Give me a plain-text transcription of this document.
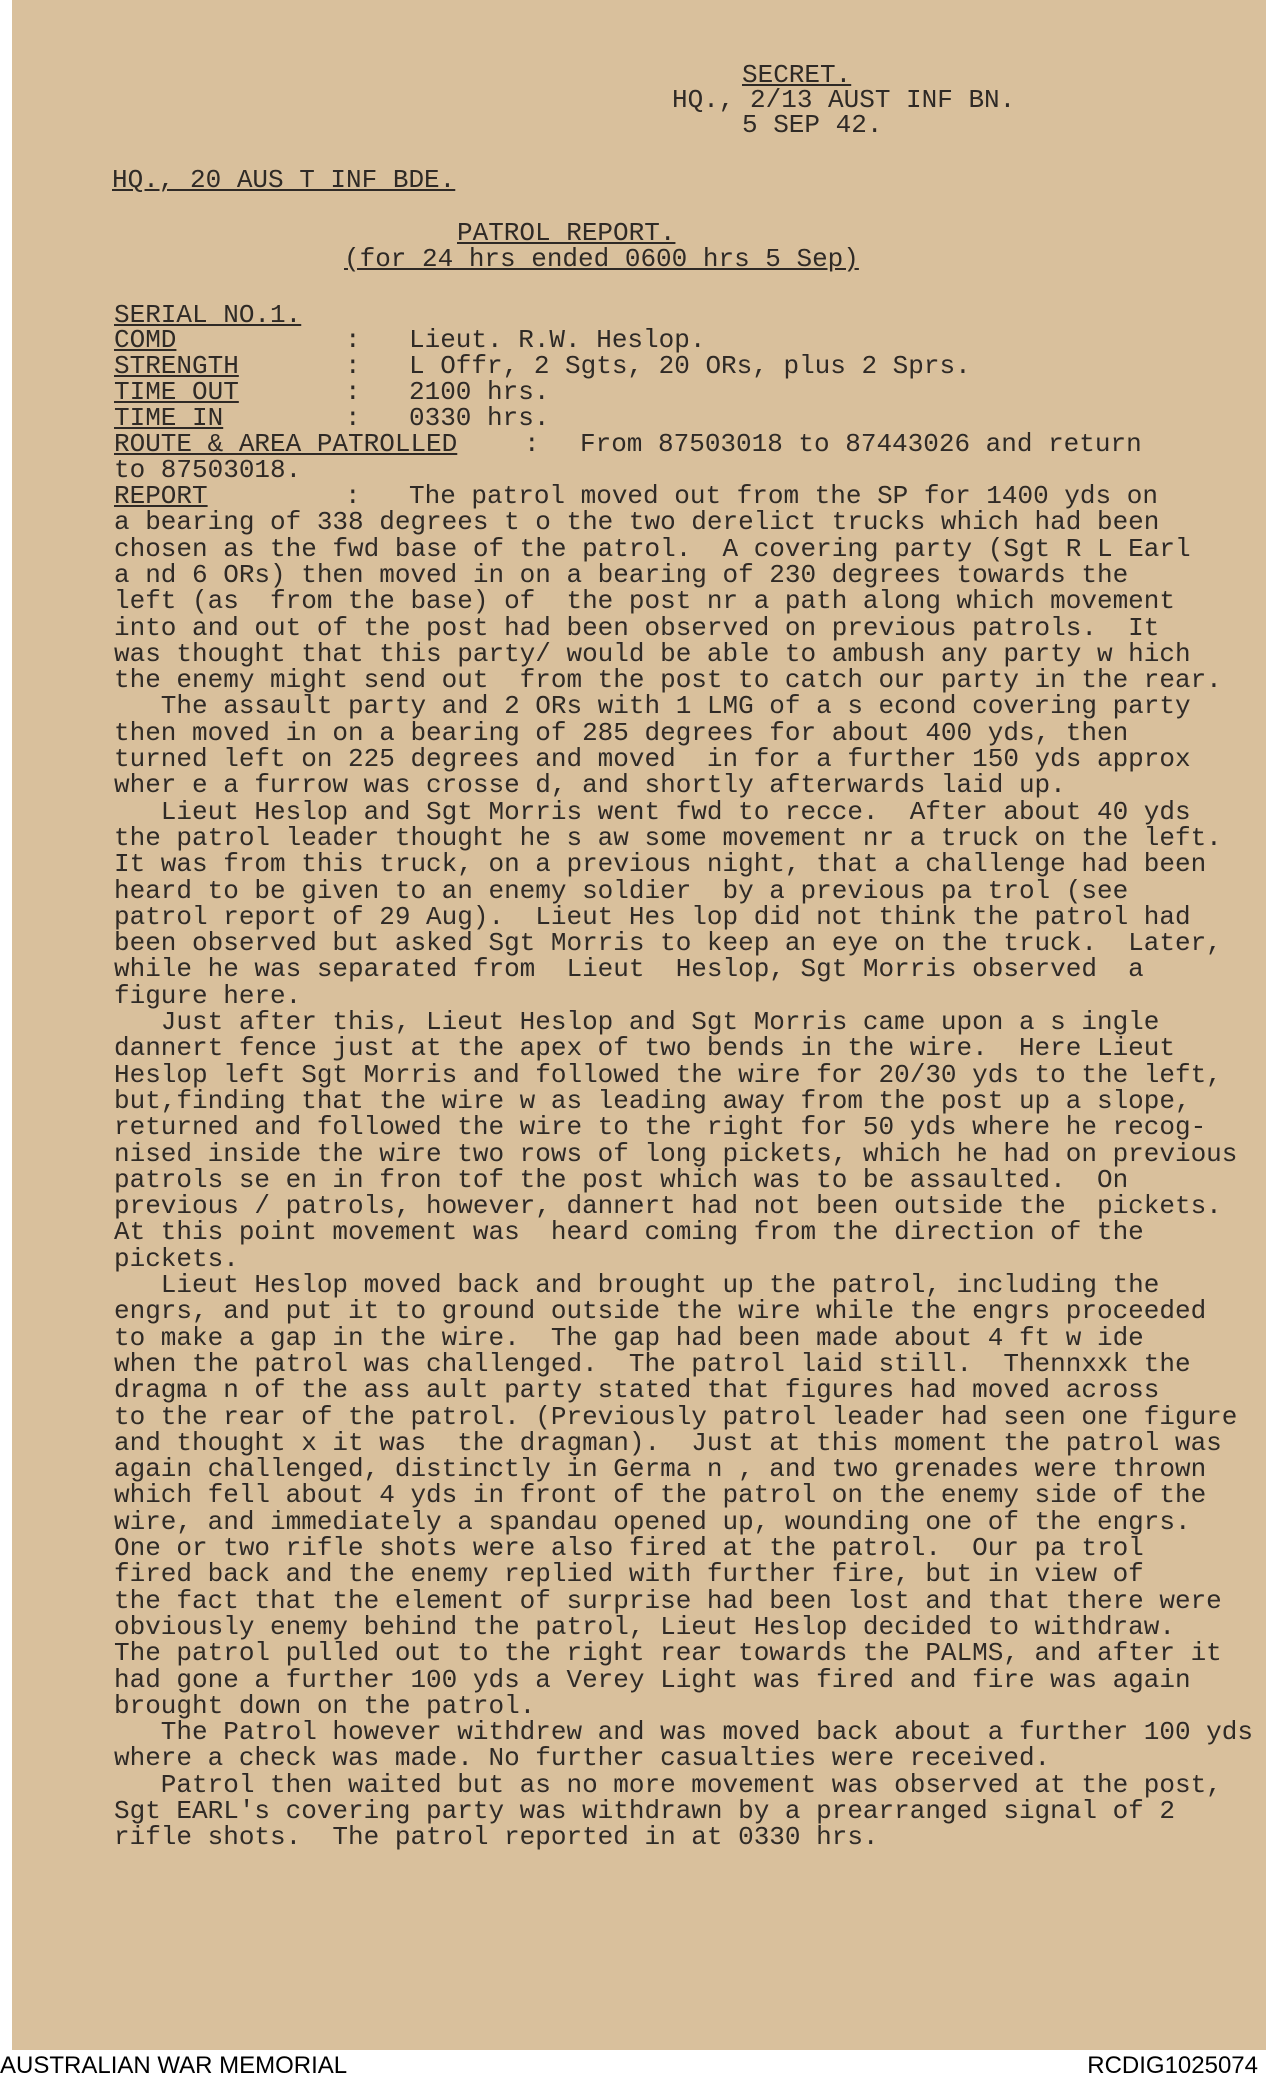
SECRET.
HQ., 2/13 AUST INF BN.
5 SEP 42.
HQ., 20 AUS T INF BDE.
PATROL REPORT.
(for 24 hrs ended 0600 hrs 5 Sep)
SERIAL NO.1.
COMD	: Lieut. R.W. Heslop.
STRENGTH	: L Offr, 2 Sgts, 20 ORs, plus 2 Sprs.
TIME OUT	: 2100 hrs.
TIME IN	: 0330 hrs.
ROUTE & AREA PATROLLED	: From 87503018 to 87443026 and return
to 87503018.
REPORT	: The patrol moved out from the SP for 1400 yds on
a bearing of 338 degrees t o the two derelict trucks which had been
chosen as the fwd base of the patrol.  A covering party (Sgt R L Earl
a nd 6 ORs) then moved in on a bearing of 230 degrees towards the
left (as  from the base) of  the post nr a path along which movement
into and out of the post had been observed on previous patrols.  It
was thought that this party/ would be able to ambush any party w hich
the enemy might send out  from the post to catch our party in the rear.
The assault party and 2 ORs with 1 LMG of a s econd covering party
then moved in on a bearing of 285 degrees for about 400 yds, then
turned left on 225 degrees and moved  in for a further 150 yds approx
wher e a furrow was crosse d, and shortly afterwards laid up.
Lieut Heslop and Sgt Morris went fwd to recce.  After about 40 yds
the patrol leader thought he s aw some movement nr a truck on the left.
It was from this truck, on a previous night, that a challenge had been
heard to be given to an enemy soldier  by a previous pa trol (see
patrol report of 29 Aug).  Lieut Hes lop did not think the patrol had
been observed but asked Sgt Morris to keep an eye on the truck.  Later,
while he was separated from  Lieut  Heslop, Sgt Morris observed  a
figure here.
Just after this, Lieut Heslop and Sgt Morris came upon a s ingle
dannert fence just at the apex of two bends in the wire.  Here Lieut
Heslop left Sgt Morris and followed the wire for 20/30 yds to the left,
but,finding that the wire w as leading away from the post up a slope,
returned and followed the wire to the right for 50 yds where he recog-
nised inside the wire two rows of long pickets, which he had on previous
patrols se en in fron tof the post which was to be assaulted.  On
previous / patrols, however, dannert had not been outside the  pickets.
At this point movement was  heard coming from the direction of the
pickets.
Lieut Heslop moved back and brought up the patrol, including the
engrs, and put it to ground outside the wire while the engrs proceeded
to make a gap in the wire.  The gap had been made about 4 ft w ide
when the patrol was challenged.  The patrol laid still.  Thennxxk the
dragma n of the ass ault party stated that figures had moved across
to the rear of the patrol. (Previously patrol leader had seen one figure
and thought x it was  the dragman).  Just at this moment the patrol was
again challenged, distinctly in Germa n , and two grenades were thrown
which fell about 4 yds in front of the patrol on the enemy side of the
wire, and immediately a spandau opened up, wounding one of the engrs.
One or two rifle shots were also fired at the patrol.  Our pa trol
fired back and the enemy replied with further fire, but in view of
the fact that the element of surprise had been lost and that there were
obviously enemy behind the patrol, Lieut Heslop decided to withdraw.
The patrol pulled out to the right rear towards the PALMS, and after it
had gone a further 100 yds a Verey Light was fired and fire was again
brought down on the patrol.
The Patrol however withdrew and was moved back about a further 100 yds
where a check was made. No further casualties were received.
Patrol then waited but as no more movement was observed at the post,
Sgt EARL's covering party was withdrawn by a prearranged signal of 2
rifle shots.  The patrol reported in at 0330 hrs.
AUSTRALIAN WAR MEMORIAL	RCDIG1025074
